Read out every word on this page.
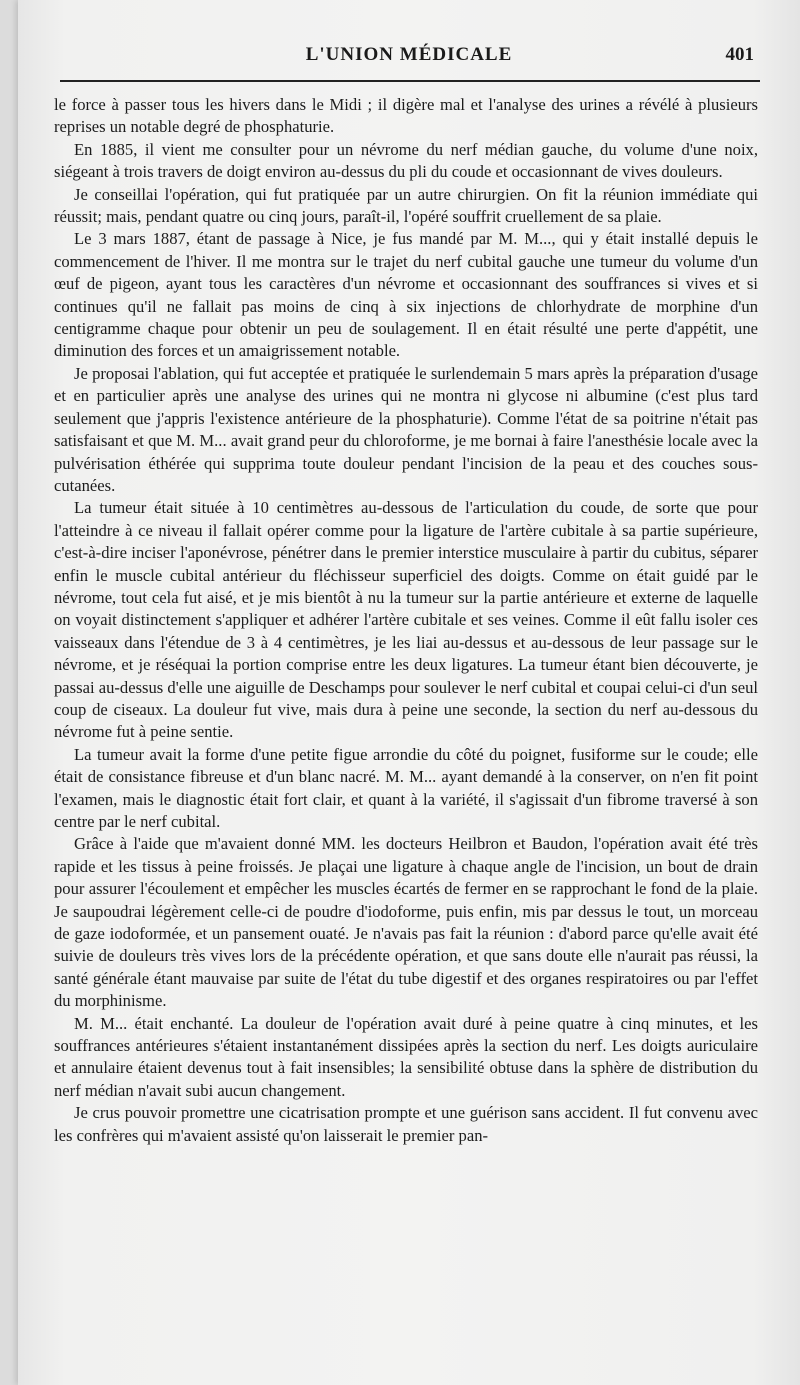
L'UNION MÉDICALE	401

le force à passer tous les hivers dans le Midi ; il digère mal et l'analyse des urines a révélé à plusieurs reprises un notable degré de phosphaturie.

En 1885, il vient me consulter pour un névrome du nerf médian gauche, du volume d'une noix, siégeant à trois travers de doigt environ au-dessus du pli du coude et occasionnant de vives douleurs.

Je conseillai l'opération, qui fut pratiquée par un autre chirurgien. On fit la réunion immédiate qui réussit; mais, pendant quatre ou cinq jours, paraît-il, l'opéré souffrit cruellement de sa plaie.

Le 3 mars 1887, étant de passage à Nice, je fus mandé par M. M..., qui y était installé depuis le commencement de l'hiver. Il me montra sur le trajet du nerf cubital gauche une tumeur du volume d'un œuf de pigeon, ayant tous les caractères d'un névrome et occasionnant des souffrances si vives et si continues qu'il ne fallait pas moins de cinq à six injections de chlorhydrate de morphine d'un centigramme chaque pour obtenir un peu de soulagement. Il en était résulté une perte d'appétit, une diminution des forces et un amaigrissement notable.

Je proposai l'ablation, qui fut acceptée et pratiquée le surlendemain 5 mars après la préparation d'usage et en particulier après une analyse des urines qui ne montra ni glycose ni albumine (c'est plus tard seulement que j'appris l'existence antérieure de la phosphaturie). Comme l'état de sa poitrine n'était pas satisfaisant et que M. M... avait grand peur du chloroforme, je me bornai à faire l'anesthésie locale avec la pulvérisation éthérée qui supprima toute douleur pendant l'incision de la peau et des couches sous-cutanées.

La tumeur était située à 10 centimètres au-dessous de l'articulation du coude, de sorte que pour l'atteindre à ce niveau il fallait opérer comme pour la ligature de l'artère cubitale à sa partie supérieure, c'est-à-dire inciser l'aponévrose, pénétrer dans le premier interstice musculaire à partir du cubitus, séparer enfin le muscle cubital antérieur du fléchisseur superficiel des doigts. Comme on était guidé par le névrome, tout cela fut aisé, et je mis bientôt à nu la tumeur sur la partie antérieure et externe de laquelle on voyait distinctement s'appliquer et adhérer l'artère cubitale et ses veines. Comme il eût fallu isoler ces vaisseaux dans l'étendue de 3 à 4 centimètres, je les liai au-dessus et au-dessous de leur passage sur le névrome, et je réséquai la portion comprise entre les deux ligatures. La tumeur étant bien découverte, je passai au-dessus d'elle une aiguille de Deschamps pour soulever le nerf cubital et coupai celui-ci d'un seul coup de ciseaux. La douleur fut vive, mais dura à peine une seconde, la section du nerf au-dessous du névrome fut à peine sentie.

La tumeur avait la forme d'une petite figue arrondie du côté du poignet, fusiforme sur le coude; elle était de consistance fibreuse et d'un blanc nacré. M. M... ayant demandé à la conserver, on n'en fit point l'examen, mais le diagnostic était fort clair, et quant à la variété, il s'agissait d'un fibrome traversé à son centre par le nerf cubital.

Grâce à l'aide que m'avaient donné MM. les docteurs Heilbron et Baudon, l'opération avait été très rapide et les tissus à peine froissés. Je plaçai une ligature à chaque angle de l'incision, un bout de drain pour assurer l'écoulement et empêcher les muscles écartés de fermer en se rapprochant le fond de la plaie. Je saupoudrai légèrement celle-ci de poudre d'iodoforme, puis enfin, mis par dessus le tout, un morceau de gaze iodoformée, et un pansement ouaté. Je n'avais pas fait la réunion : d'abord parce qu'elle avait été suivie de douleurs très vives lors de la précédente opération, et que sans doute elle n'aurait pas réussi, la santé générale étant mauvaise par suite de l'état du tube digestif et des organes respiratoires ou par l'effet du morphinisme.

M. M... était enchanté. La douleur de l'opération avait duré à peine quatre à cinq minutes, et les souffrances antérieures s'étaient instantanément dissipées après la section du nerf. Les doigts auriculaire et annulaire étaient devenus tout à fait insensibles; la sensibilité obtuse dans la sphère de distribution du nerf médian n'avait subi aucun changement.

Je crus pouvoir promettre une cicatrisation prompte et une guérison sans accident. Il fut convenu avec les confrères qui m'avaient assisté qu'on laisserait le premier pan-
